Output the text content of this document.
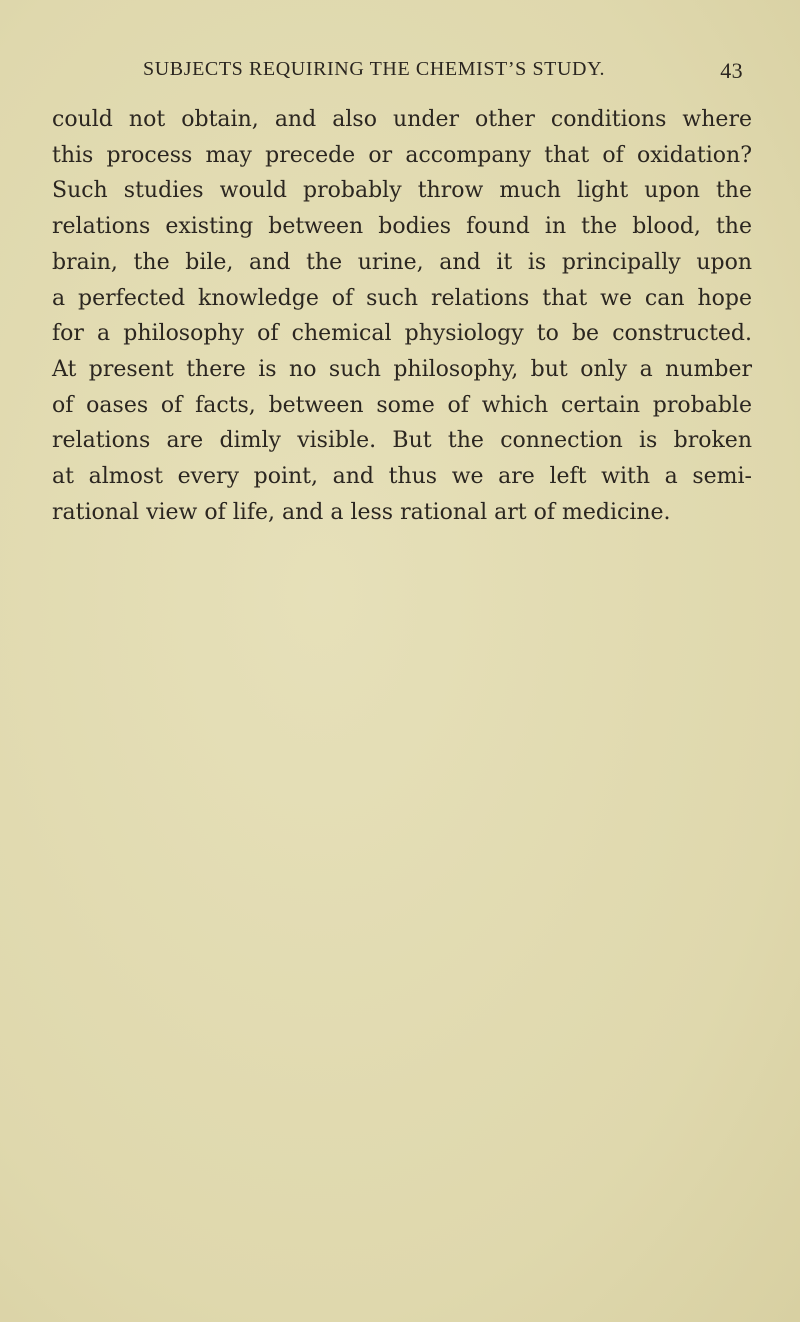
SUBJECTS REQUIRING THE CHEMIST’S STUDY.	43
could not obtain, and also under other conditions where
this process may precede or accompany that of oxidation?
Such studies would probably throw much light upon the
relations existing between bodies found in the blood, the
brain, the bile, and the urine, and it is principally upon
a perfected knowledge of such relations that we can hope
for a philosophy of chemical physiology to be constructed.
At present there is no such philosophy, but only a number
of oases of facts, between some of which certain probable
relations are dimly visible. But the connection is broken
at almost every point, and thus we are left with a semi-
rational view of life, and a less rational art of medicine.
